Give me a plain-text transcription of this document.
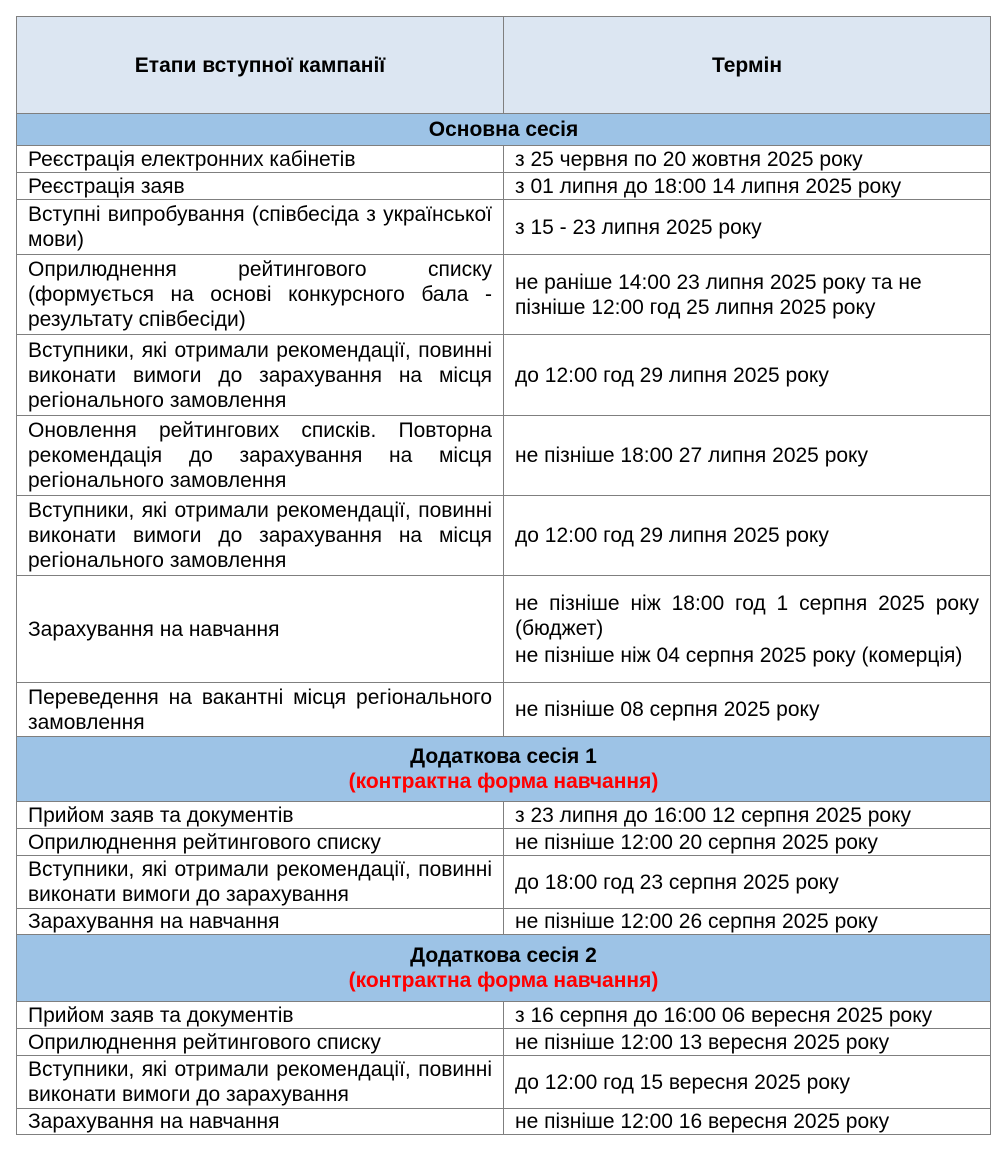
Етапи вступної кампанії	Термін
Основна сесія	
Реєстрація електронних кабінетів	з 25 червня по 20 жовтня 2025 року
Реєстрація заяв	з 01 липня до 18:00 14 липня 2025 року
Вступні випробування (співбесіда з української мови)	з 15 - 23 липня 2025 року
Оприлюднення рейтингового списку (формується на основі конкурсного бала - результату співбесіди)	не раніше 14:00 23 липня 2025 року та не пізніше 12:00 год 25 липня 2025 року
Вступники, які отримали рекомендації, повинні виконати вимоги до зарахування на місця регіонального замовлення	до 12:00 год 29 липня 2025 року
Оновлення рейтингових списків. Повторна рекомендація до зарахування на місця регіонального замовлення	не пізніше 18:00 27 липня 2025 року
Вступники, які отримали рекомендації, повинні виконати вимоги до зарахування на місця регіонального замовлення	до 12:00 год 29 липня 2025 року
Зарахування на навчання	не пізніше ніж 18:00 год 1 серпня 2025 року (бюджет)
не пізніше ніж 04 серпня 2025 року (комерція)

Переведення на вакантні місця регіонального замовлення	не пізніше 08 серпня 2025 року

Додаткова сесія 1
(контрактна форма навчання)	

Прийом заяв та документів	з 23 липня до 16:00 12 серпня 2025 року
Оприлюднення рейтингового списку	не пізніше 12:00 20 серпня 2025 року
Вступники, які отримали рекомендації, повинні виконати вимоги до зарахування	до 18:00 год 23 серпня 2025 року
Зарахування на навчання	не пізніше 12:00 26 серпня 2025 року

Додаткова сесія 2
(контрактна форма навчання)	

Прийом заяв та документів	з 16 серпня до 16:00 06 вересня 2025 року
Оприлюднення рейтингового списку	не пізніше 12:00 13 вересня 2025 року
Вступники, які отримали рекомендації, повинні виконати вимоги до зарахування	до 12:00 год 15 вересня 2025 року
Зарахування на навчання	не пізніше 12:00 16 вересня 2025 року
